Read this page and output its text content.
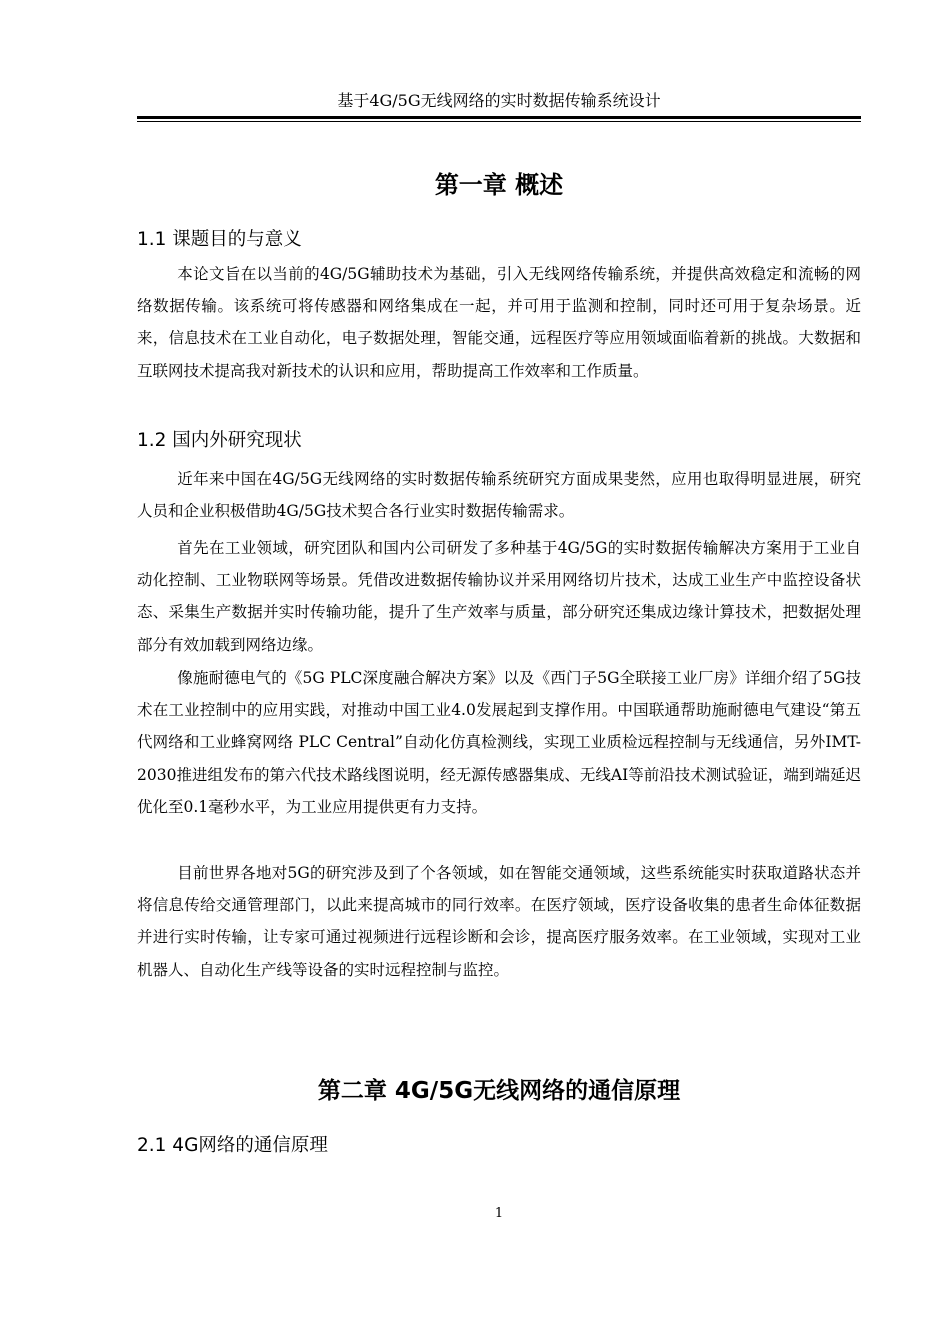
基于4G/5G无线网络的实时数据传输系统设计
第一章 概述
1.1 课题目的与意义

本论文旨在以当前的4G/5G辅助技术为基础，引入无线网络传输系统，并提供高效稳定和流畅的网络数据传输。该系统可将传感器和网络集成在一起，并可用于监测和控制，同时还可用于复杂场景。近来，信息技术在工业自动化，电子数据处理，智能交通，远程医疗等应用领域面临着新的挑战。大数据和互联网技术提高我对新技术的认识和应用，帮助提高工作效率和工作质量。

1.2 国内外研究现状

近年来中国在4G/5G无线网络的实时数据传输系统研究方面成果斐然，应用也取得明显进展，研究人员和企业积极借助4G/5G技术契合各行业实时数据传输需求。

首先在工业领域，研究团队和国内公司研发了多种基于4G/5G的实时数据传输解决方案用于工业自动化控制、工业物联网等场景。凭借改进数据传输协议并采用网络切片技术，达成工业生产中监控设备状态、采集生产数据并实时传输功能，提升了生产效率与质量，部分研究还集成边缘计算技术，把数据处理部分有效加载到网络边缘。

像施耐德电气的《5G PLC深度融合解决方案》以及《西门子5G全联接工业厂房》详细介绍了5G技术在工业控制中的应用实践，对推动中国工业4.0发展起到支撑作用。中国联通帮助施耐德电气建设“第五代网络和工业蜂窝网络 PLC Central”自动化仿真检测线，实现工业质检远程控制与无线通信，另外IMT-2030推进组发布的第六代技术路线图说明，经无源传感器集成、无线AI等前沿技术测试验证，端到端延迟优化至0.1毫秒水平，为工业应用提供更有力支持。

目前世界各地对5G的研究涉及到了个各领域，如在智能交通领域，这些系统能实时获取道路状态并将信息传给交通管理部门，以此来提高城市的同行效率。在医疗领域，医疗设备收集的患者生命体征数据并进行实时传输，让专家可通过视频进行远程诊断和会诊，提高医疗服务效率。在工业领域，实现对工业机器人、自动化生产线等设备的实时远程控制与监控。

第二章 4G/5G无线网络的通信原理
2.1 4G网络的通信原理
1
